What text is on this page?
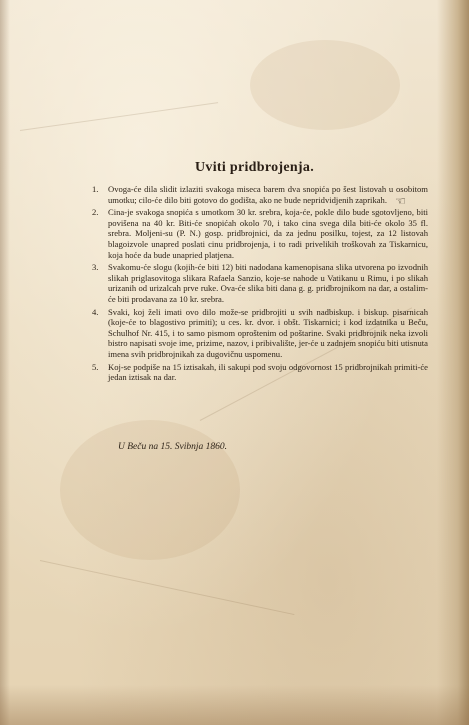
Uviti pridbrojenja.
1. Ovoga-će dila slidit izlaziti svakoga miseca barem dva snopića po šest listovah u osobitom umotku; cilo-će dilo biti gotovo do godišta, ako ne bude nepridvidjenih zaprikah. ☜
2. Cina-je svakoga snopića s umotkom 30 kr. srebra, koja-će, pokle dilo bude sgotovljeno, biti povišena na 40 kr. Biti-će snopićah okolo 70, i tako cina svega dila biti-će okolo 35 fl. srebra. Moljeni-su (P. N.) gosp. pridbrojnici, da za jednu posilku, tojest, za 12 listovah blagoizvole unapred poslati cinu pridbrojenja, i to radi privelikih troškovah za Tiskarnicu, koja hoće da bude unapried platjena.
3. Svakomu-će slogu (kojih-će biti 12) biti nadodana kamenopisana slika utvorena po izvodnih slikah priglasovitoga slikara Rafaela Sanzio, koje-se nahode u Vatikanu u Rimu, i po slikah urizanih od urizalcah prve ruke. Ova-će slika biti dana g. g. pridbrojnikom na dar, a ostalim-će biti prodavana za 10 kr. srebra.
4. Svaki, koj želi imati ovo dilo može-se pridbrojiti u svih nadbiskup. i biskup. pisarnicah (koje-će to blagostivo primiti); u ces. kr. dvor. i obšt. Tiskarnici; i kod izdatnika u Beču, Schulhof Nr. 415, i to samo pismom oproštenim od poštarine. Svaki pridbrojnik neka izvoli bistro napisati svoje ime, prizime, nazov, i pribivalište, jer-će u zadnjem snopiću biti utisnuta imena svih pridbrojnikah za dugovičnu uspomenu.
5. Koj-se podpiše na 15 iztisakah, ili sakupi pod svoju odgovornost 15 pridbrojnikah primiti-će jedan iztisak na dar.
U Beču na 15. Svibnja 1860.
